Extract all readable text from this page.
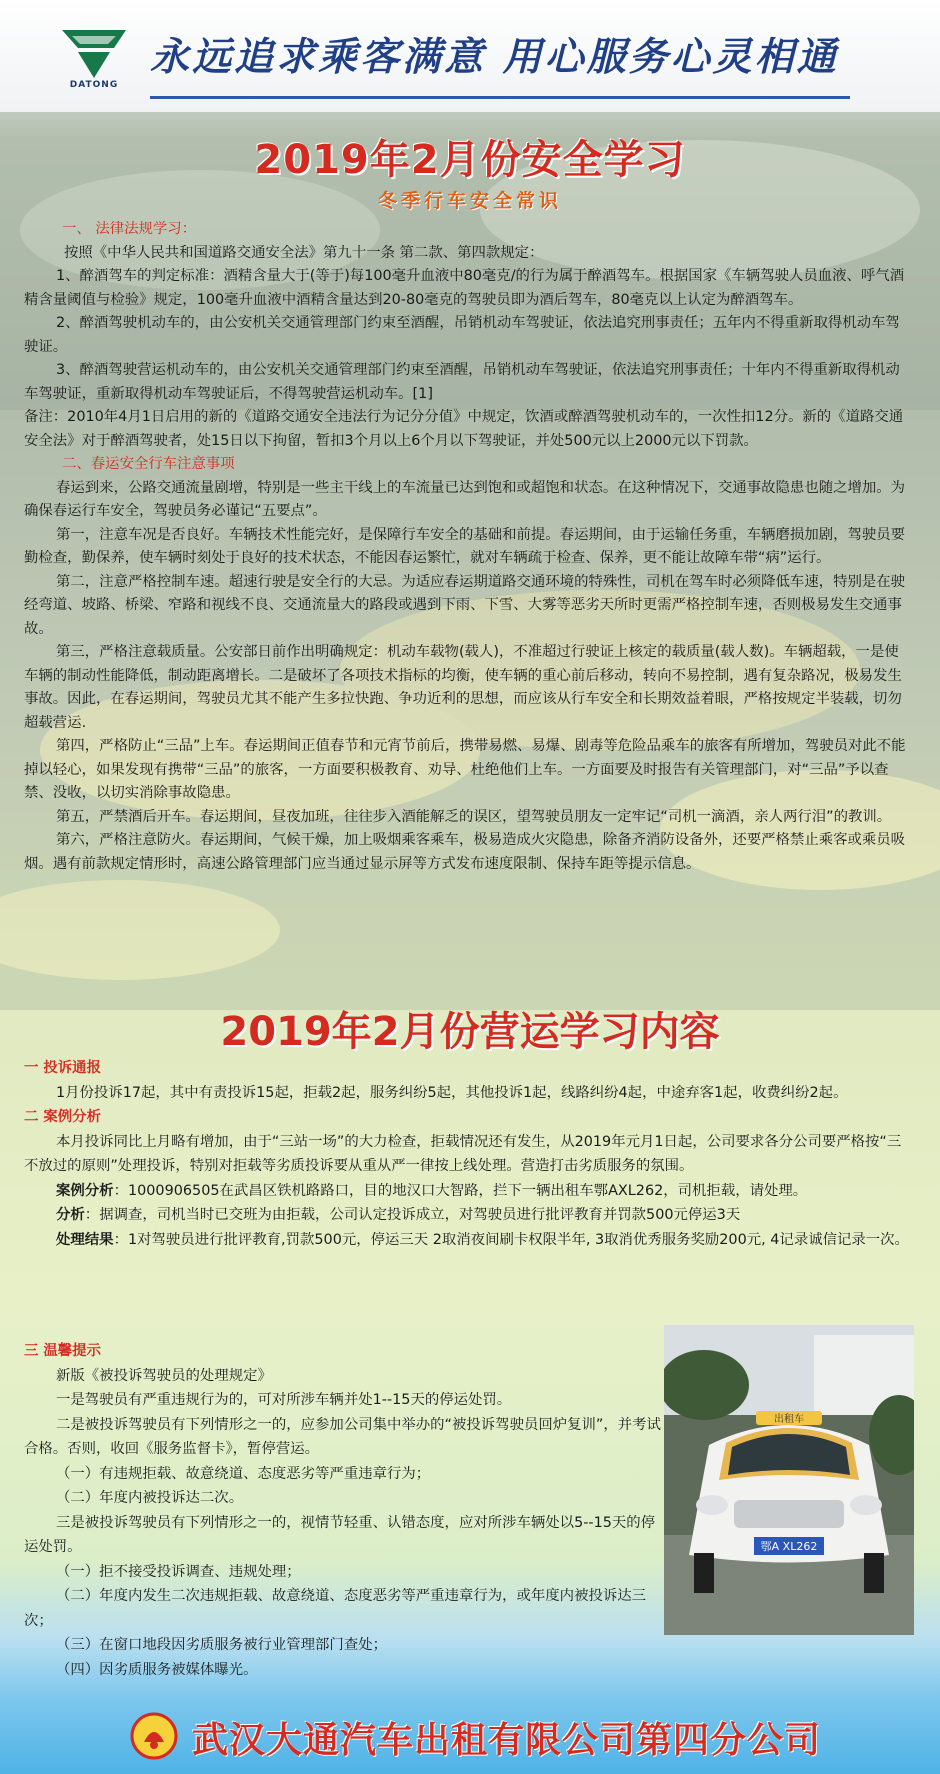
DATONG
永远追求乘客满意 用心服务心灵相通
2019年2月份安全学习
冬季行车安全常识

一、 法律法规学习：

按照《中华人民共和国道路交通安全法》第九十一条 第二款、第四款规定：

1、醉酒驾车的判定标准：酒精含量大于(等于)每100毫升血液中80毫克/的行为属于醉酒驾车。根据国家《车辆驾驶人员血液、呼气酒精含量阈值与检验》规定，100毫升血液中酒精含量达到20-80毫克的驾驶员即为酒后驾车，80毫克以上认定为醉酒驾车。

2、醉酒驾驶机动车的，由公安机关交通管理部门约束至酒醒，吊销机动车驾驶证，依法追究刑事责任；五年内不得重新取得机动车驾驶证。

3、醉酒驾驶营运机动车的，由公安机关交通管理部门约束至酒醒，吊销机动车驾驶证，依法追究刑事责任；十年内不得重新取得机动车驾驶证，重新取得机动车驾驶证后，不得驾驶营运机动车。[1]

备注：2010年4月1日启用的新的《道路交通安全违法行为记分分值》中规定，饮酒或醉酒驾驶机动车的，一次性扣12分。新的《道路交通安全法》对于醉酒驾驶者，处15日以下拘留，暂扣3个月以上6个月以下驾驶证，并处500元以上2000元以下罚款。

二、春运安全行车注意事项

春运到来，公路交通流量剧增，特别是一些主干线上的车流量已达到饱和或超饱和状态。在这种情况下，交通事故隐患也随之增加。为确保春运行车安全，驾驶员务必谨记“五要点”。

第一，注意车况是否良好。车辆技术性能完好，是保障行车安全的基础和前提。春运期间，由于运输任务重，车辆磨损加剧，驾驶员要勤检查，勤保养，使车辆时刻处于良好的技术状态，不能因春运繁忙，就对车辆疏于检查、保养，更不能让故障车带“病”运行。

第二，注意严格控制车速。超速行驶是安全行的大忌。为适应春运期道路交通环境的特殊性，司机在驾车时必须降低车速，特别是在驶经弯道、坡路、桥梁、窄路和视线不良、交通流量大的路段或遇到下雨、下雪、大雾等恶劣天所时更需严格控制车速，否则极易发生交通事故。

第三，严格注意载质量。公安部日前作出明确规定：机动车载物(载人)，不准超过行驶证上核定的载质量(载人数)。车辆超载，一是使车辆的制动性能降低，制动距离增长。二是破坏了各项技术指标的均衡，使车辆的重心前后移动，转向不易控制，遇有复杂路况，极易发生事故。因此，在春运期间，驾驶员尤其不能产生多拉快跑、争功近利的思想，而应该从行车安全和长期效益着眼，严格按规定半装载，切勿超载营运.

第四，严格防止“三品”上车。春运期间正值春节和元宵节前后，携带易燃、易爆、剧毒等危险品乘车的旅客有所增加，驾驶员对此不能掉以轻心，如果发现有携带“三品”的旅客，一方面要积极教育、劝导、杜绝他们上车。一方面要及时报告有关管理部门，对“三品”予以查禁、没收，以切实消除事故隐患。

第五，严禁酒后开车。春运期间，昼夜加班，往往步入酒能解乏的误区，望驾驶员朋友一定牢记“司机一滴酒，亲人两行泪”的教训。

第六，严格注意防火。春运期间，气候干燥，加上吸烟乘客乘车，极易造成火灾隐患，除备齐消防设备外，还要严格禁止乘客或乘员吸烟。遇有前款规定情形时，高速公路管理部门应当通过显示屏等方式发布速度限制、保持车距等提示信息。

2019年2月份营运学习内容

一 投诉通报

1月份投诉17起，其中有责投诉15起，拒载2起，服务纠纷5起，其他投诉1起，线路纠纷4起，中途弃客1起，收费纠纷2起。

二 案例分析

本月投诉同比上月略有增加，由于“三站一场”的大力检查，拒载情况还有发生，从2019年元月1日起，公司要求各分公司要严格按“三不放过的原则”处理投诉，特别对拒载等劣质投诉要从重从严一律按上线处理。营造打击劣质服务的氛围。

案例分析：1000906505在武昌区铁机路路口，目的地汉口大智路，拦下一辆出租车鄂AXL262，司机拒载，请处理。

分析：据调查，司机当时已交班为由拒载，公司认定投诉成立，对驾驶员进行批评教育并罚款500元停运3天

处理结果：1对驾驶员进行批评教育,罚款500元，停运三天 2取消夜间刷卡权限半年, 3取消优秀服务奖励200元, 4记录诚信记录一次。

三 温馨提示

新版《被投诉驾驶员的处理规定》

一是驾驶员有严重违规行为的，可对所涉车辆并处1--15天的停运处罚。

二是被投诉驾驶员有下列情形之一的，应参加公司集中举办的“被投诉驾驶员回炉复训”，并考试合格。否则，收回《服务监督卡》，暂停营运。

（一）有违规拒载、故意绕道、态度恶劣等严重违章行为；

（二）年度内被投诉达二次。

三是被投诉驾驶员有下列情形之一的，视情节轻重、认错态度，应对所涉车辆处以5--15天的停运处罚。

（一）拒不接受投诉调查、违规处理；

（二）年度内发生二次违规拒载、故意绕道、态度恶劣等严重违章行为，或年度内被投诉达三次；

（三）在窗口地段因劣质服务被行业管理部门查处；

（四）因劣质服务被媒体曝光。

出租车
鄂A XL262
武汉大通汽车出租有限公司第四分公司
